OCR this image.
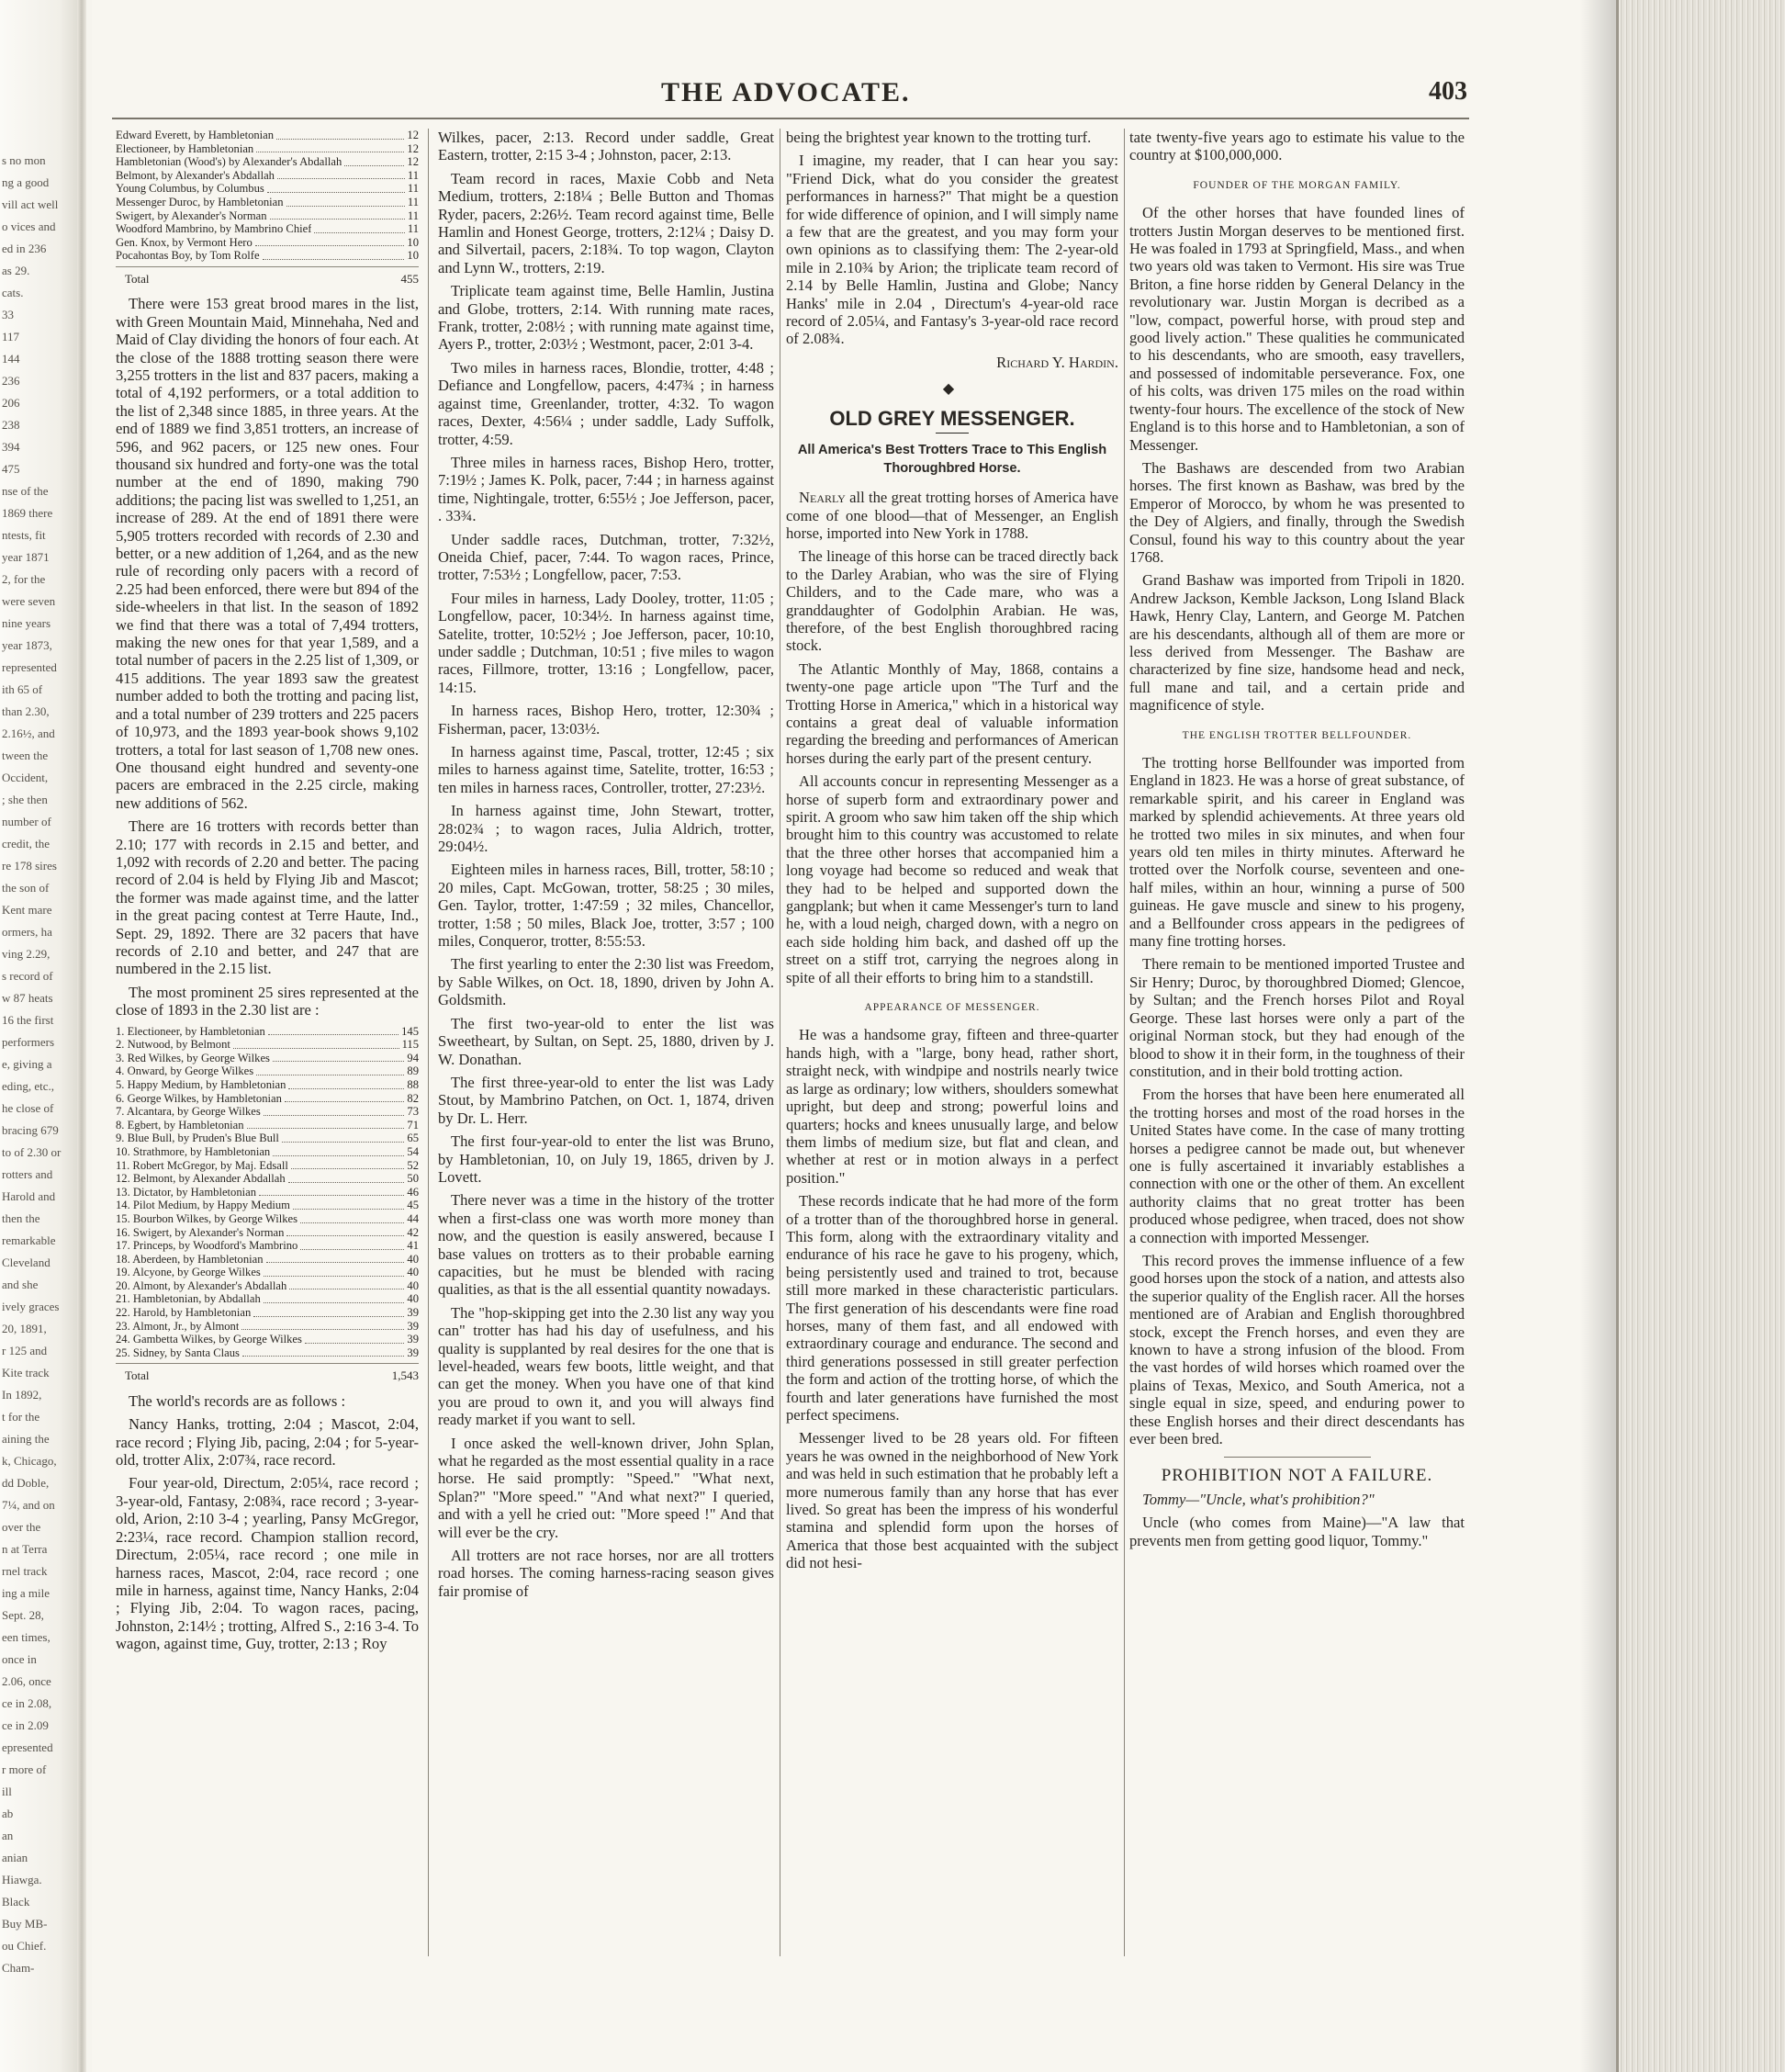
s no mon
ng a good
vill act well
o vices and
ed in 236
as 29.
cats.
33
117
144
236
206
238
394
475
nse of the
1869 there
ntests, fit
year 1871
2, for the
were seven
nine years
year 1873,
represented
ith 65 of
than 2.30,
2.16½, and
tween the
Occident,
; she then
number of
credit, the
re 178 sires
the son of
Kent mare
ormers, ha
ving 2.29,
s record of
w 87 heats
16 the first
performers
e, giving a
eding, etc.,
he close of
bracing 679
to of 2.30 or
rotters and
Harold and
then the
remarkable
Cleveland
and she
ively graces
20, 1891,
r 125 and
Kite track
In 1892,
t for the
aining the
k, Chicago,
dd Doble,
7¼, and on
over the
n at Terra
rnel track
ing a mile
Sept. 28,
een times,
once in
2.06, once
ce in 2.08,
ce in 2.09
epresented
r more of
ill
ab
an
anian
Hiawga.
Black
Buy MB-
ou Chief.
Cham-
THE ADVOCATE.	403
Edward Everett, by Hambletonian	12
Electioneer, by Hambletonian	12
Hambletonian (Wood's) by Alexander's Abdallah	12
Belmont, by Alexander's Abdallah	11
Young Columbus, by Columbus	11
Messenger Duroc, by Hambletonian	11
Swigert, by Alexander's Norman	11
Woodford Mambrino, by Mambrino Chief	11
Gen. Knox, by Vermont Hero	10
Pocahontas Boy, by Tom Rolfe	10
Total	455

There were 153 great brood mares in the list, with Green Mountain Maid, Minnehaha, Ned and Maid of Clay dividing the honors of four each. At the close of the 1888 trotting season there were 3,255 trotters in the list and 837 pacers, making a total of 4,192 performers, or a total addition to the list of 2,348 since 1885, in three years. At the end of 1889 we find 3,851 trotters, an increase of 596, and 962 pacers, or 125 new ones. Four thousand six hundred and forty-one was the total number at the end of 1890, making 790 additions; the pacing list was swelled to 1,251, an increase of 289. At the end of 1891 there were 5,905 trotters recorded with records of 2.30 and better, or a new addition of 1,264, and as the new rule of recording only pacers with a record of 2.25 had been enforced, there were but 894 of the side-wheelers in that list. In the season of 1892 we find that there was a total of 7,494 trotters, making the new ones for that year 1,589, and a total number of pacers in the 2.25 list of 1,309, or 415 additions. The year 1893 saw the greatest number added to both the trotting and pacing list, and a total number of 239 trotters and 225 pacers of 10,973, and the 1893 year-book shows 9,102 trotters, a total for last season of 1,708 new ones. One thousand eight hundred and seventy-one pacers are embraced in the 2.25 circle, making new additions of 562.

There are 16 trotters with records better than 2.10; 177 with records in 2.15 and better, and 1,092 with records of 2.20 and better. The pacing record of 2.04 is held by Flying Jib and Mascot; the former was made against time, and the latter in the great pacing contest at Terre Haute, Ind., Sept. 29, 1892. There are 32 pacers that have records of 2.10 and better, and 247 that are numbered in the 2.15 list.

The most prominent 25 sires represented at the close of 1893 in the 2.30 list are :

1. Electioneer, by Hambletonian	145
2. Nutwood, by Belmont	115
3. Red Wilkes, by George Wilkes	94
4. Onward, by George Wilkes	89
5. Happy Medium, by Hambletonian	88
6. George Wilkes, by Hambletonian	82
7. Alcantara, by George Wilkes	73
8. Egbert, by Hambletonian	71
9. Blue Bull, by Pruden's Blue Bull	65
10. Strathmore, by Hambletonian	54
11. Robert McGregor, by Maj. Edsall	52
12. Belmont, by Alexander Abdallah	50
13. Dictator, by Hambletonian	46
14. Pilot Medium, by Happy Medium	45
15. Bourbon Wilkes, by George Wilkes	44
16. Swigert, by Alexander's Norman	42
17. Princeps, by Woodford's Mambrino	41
18. Aberdeen, by Hambletonian	40
19. Alcyone, by George Wilkes	40
20. Almont, by Alexander's Abdallah	40
21. Hambletonian, by Abdallah	40
22. Harold, by Hambletonian	39
23. Almont, Jr., by Almont	39
24. Gambetta Wilkes, by George Wilkes	39
25. Sidney, by Santa Claus	39
Total	1,543

The world's records are as follows :

Nancy Hanks, trotting, 2:04 ; Mascot, 2:04, race record ; Flying Jib, pacing, 2:04 ; for 5-year-old, trotter Alix, 2:07¾, race record.

Four year-old, Directum, 2:05¼, race record ; 3-year-old, Fantasy, 2:08¾, race record ; 3-year-old, Arion, 2:10 3-4 ; yearling, Pansy McGregor, 2:23¼, race record. Champion stallion record, Directum, 2:05¼, race record ; one mile in harness races, Mascot, 2:04, race record ; one mile in harness, against time, Nancy Hanks, 2:04 ; Flying Jib, 2:04. To wagon races, pacing, Johnston, 2:14½ ; trotting, Alfred S., 2:16 3-4. To wagon, against time, Guy, trotter, 2:13 ; Roy

Wilkes, pacer, 2:13. Record under saddle, Great Eastern, trotter, 2:15 3-4 ; Johnston, pacer, 2:13.

Team record in races, Maxie Cobb and Neta Medium, trotters, 2:18¼ ; Belle Button and Thomas Ryder, pacers, 2:26½. Team record against time, Belle Hamlin and Honest George, trotters, 2:12¼ ; Daisy D. and Silvertail, pacers, 2:18¾. To top wagon, Clayton and Lynn W., trotters, 2:19.

Triplicate team against time, Belle Hamlin, Justina and Globe, trotters, 2:14. With running mate races, Frank, trotter, 2:08½ ; with running mate against time, Ayers P., trotter, 2:03½ ; Westmont, pacer, 2:01 3-4.

Two miles in harness races, Blondie, trotter, 4:48 ; Defiance and Longfellow, pacers, 4:47¾ ; in harness against time, Greenlander, trotter, 4:32. To wagon races, Dexter, 4:56¼ ; under saddle, Lady Suffolk, trotter, 4:59.

Three miles in harness races, Bishop Hero, trotter, 7:19½ ; James K. Polk, pacer, 7:44 ; in harness against time, Nightingale, trotter, 6:55½ ; Joe Jefferson, pacer, . 33¾.

Under saddle races, Dutchman, trotter, 7:32½, Oneida Chief, pacer, 7:44. To wagon races, Prince, trotter, 7:53½ ; Longfellow, pacer, 7:53.

Four miles in harness, Lady Dooley, trotter, 11:05 ; Longfellow, pacer, 10:34½. In harness against time, Satelite, trotter, 10:52½ ; Joe Jefferson, pacer, 10:10, under saddle ; Dutchman, 10:51 ; five miles to wagon races, Fillmore, trotter, 13:16 ; Longfellow, pacer, 14:15.

In harness races, Bishop Hero, trotter, 12:30¾ ; Fisherman, pacer, 13:03½.

In harness against time, Pascal, trotter, 12:45 ; six miles to harness against time, Satelite, trotter, 16:53 ; ten miles in harness races, Controller, trotter, 27:23½.

In harness against time, John Stewart, trotter, 28:02¾ ; to wagon races, Julia Aldrich, trotter, 29:04½.

Eighteen miles in harness races, Bill, trotter, 58:10 ; 20 miles, Capt. McGowan, trotter, 58:25 ; 30 miles, Gen. Taylor, trotter, 1:47:59 ; 32 miles, Chancellor, trotter, 1:58 ; 50 miles, Black Joe, trotter, 3:57 ; 100 miles, Conqueror, trotter, 8:55:53.

The first yearling to enter the 2:30 list was Freedom, by Sable Wilkes, on Oct. 18, 1890, driven by John A. Goldsmith.

The first two-year-old to enter the list was Sweetheart, by Sultan, on Sept. 25, 1880, driven by J. W. Donathan.

The first three-year-old to enter the list was Lady Stout, by Mambrino Patchen, on Oct. 1, 1874, driven by Dr. L. Herr.

The first four-year-old to enter the list was Bruno, by Hambletonian, 10, on July 19, 1865, driven by J. Lovett.

There never was a time in the history of the trotter when a first-class one was worth more money than now, and the question is easily answered, because I base values on trotters as to their probable earning capacities, but he must be blended with racing qualities, as that is the all essential quantity nowadays.

The "hop-skipping get into the 2.30 list any way you can" trotter has had his day of usefulness, and his quality is supplanted by real desires for the one that is level-headed, wears few boots, little weight, and that can get the money. When you have one of that kind you are proud to own it, and you will always find ready market if you want to sell.

I once asked the well-known driver, John Splan, what he regarded as the most essential quality in a race horse. He said promptly: "Speed." "What next, Splan?" "More speed." "And what next?" I queried, and with a yell he cried out: "More speed !" And that will ever be the cry.

All trotters are not race horses, nor are all trotters road horses. The coming harness-racing season gives fair promise of

being the brightest year known to the trotting turf.

I imagine, my reader, that I can hear you say: "Friend Dick, what do you consider the greatest performances in harness?" That might be a question for wide difference of opinion, and I will simply name a few that are the greatest, and you may form your own opinions as to classifying them: The 2-year-old mile in 2.10¾ by Arion; the triplicate team record of 2.14 by Belle Hamlin, Justina and Globe; Nancy Hanks' mile in 2.04 , Directum's 4-year-old race record of 2.05¼, and Fantasy's 3-year-old race record of 2.08¾.

Richard Y. Hardin.
◆
OLD GREY MESSENGER.
All America's Best Trotters Trace to This English Thoroughbred Horse.

Nearly all the great trotting horses of America have come of one blood—that of Messenger, an English horse, imported into New York in 1788.

The lineage of this horse can be traced directly back to the Darley Arabian, who was the sire of Flying Childers, and to the Cade mare, who was a granddaughter of Godolphin Arabian. He was, therefore, of the best English thoroughbred racing stock.

The Atlantic Monthly of May, 1868, contains a twenty-one page article upon "The Turf and the Trotting Horse in America," which in a historical way contains a great deal of valuable information regarding the breeding and performances of American horses during the early part of the present century.

All accounts concur in representing Messenger as a horse of superb form and extraordinary power and spirit. A groom who saw him taken off the ship which brought him to this country was accustomed to relate that the three other horses that accompanied him a long voyage had become so reduced and weak that they had to be helped and supported down the gangplank; but when it came Messenger's turn to land he, with a loud neigh, charged down, with a negro on each side holding him back, and dashed off up the street on a stiff trot, carrying the negroes along in spite of all their efforts to bring him to a standstill.

APPEARANCE OF MESSENGER.

He was a handsome gray, fifteen and three-quarter hands high, with a "large, bony head, rather short, straight neck, with windpipe and nostrils nearly twice as large as ordinary; low withers, shoulders somewhat upright, but deep and strong; powerful loins and quarters; hocks and knees unusually large, and below them limbs of medium size, but flat and clean, and whether at rest or in motion always in a perfect position."

These records indicate that he had more of the form of a trotter than of the thoroughbred horse in general. This form, along with the extraordinary vitality and endurance of his race he gave to his progeny, which, being persistently used and trained to trot, because still more marked in these characteristic particulars. The first generation of his descendants were fine road horses, many of them fast, and all endowed with extraordinary courage and endurance. The second and third generations possessed in still greater perfection the form and action of the trotting horse, of which the fourth and later generations have furnished the most perfect specimens.

Messenger lived to be 28 years old. For fifteen years he was owned in the neighborhood of New York and was held in such estimation that he probably left a more numerous family than any horse that has ever lived. So great has been the impress of his wonderful stamina and splendid form upon the horses of America that those best acquainted with the subject did not hesi-

tate twenty-five years ago to estimate his value to the country at $100,000,000.

FOUNDER OF THE MORGAN FAMILY.

Of the other horses that have founded lines of trotters Justin Morgan deserves to be mentioned first. He was foaled in 1793 at Springfield, Mass., and when two years old was taken to Vermont. His sire was True Briton, a fine horse ridden by General Delancy in the revolutionary war. Justin Morgan is decribed as a "low, compact, powerful horse, with proud step and good lively action." These qualities he communicated to his descendants, who are smooth, easy travellers, and possessed of indomitable perseverance. Fox, one of his colts, was driven 175 miles on the road within twenty-four hours. The excellence of the stock of New England is to this horse and to Hambletonian, a son of Messenger.

The Bashaws are descended from two Arabian horses. The first known as Bashaw, was bred by the Emperor of Morocco, by whom he was presented to the Dey of Algiers, and finally, through the Swedish Consul, found his way to this country about the year 1768.

Grand Bashaw was imported from Tripoli in 1820. Andrew Jackson, Kemble Jackson, Long Island Black Hawk, Henry Clay, Lantern, and George M. Patchen are his descendants, although all of them are more or less derived from Messenger. The Bashaw are characterized by fine size, handsome head and neck, full mane and tail, and a certain pride and magnificence of style.

THE ENGLISH TROTTER BELLFOUNDER.

The trotting horse Bellfounder was imported from England in 1823. He was a horse of great substance, of remarkable spirit, and his career in England was marked by splendid achievements. At three years old he trotted two miles in six minutes, and when four years old ten miles in thirty minutes. Afterward he trotted over the Norfolk course, seventeen and one-half miles, within an hour, winning a purse of 500 guineas. He gave muscle and sinew to his progeny, and a Bellfounder cross appears in the pedigrees of many fine trotting horses.

There remain to be mentioned imported Trustee and Sir Henry; Duroc, by thoroughbred Diomed; Glencoe, by Sultan; and the French horses Pilot and Royal George. These last horses were only a part of the original Norman stock, but they had enough of the blood to show it in their form, in the toughness of their constitution, and in their bold trotting action.

From the horses that have been here enumerated all the trotting horses and most of the road horses in the United States have come. In the case of many trotting horses a pedigree cannot be made out, but whenever one is fully ascertained it invariably establishes a connection with one or the other of them. An excellent authority claims that no great trotter has been produced whose pedigree, when traced, does not show a connection with imported Messenger.

This record proves the immense influence of a few good horses upon the stock of a nation, and attests also the superior quality of the English racer. All the horses mentioned are of Arabian and English thoroughbred stock, except the French horses, and even they are known to have a strong infusion of the blood. From the vast hordes of wild horses which roamed over the plains of Texas, Mexico, and South America, not a single equal in size, speed, and enduring power to these English horses and their direct descendants has ever been bred.

PROHIBITION NOT A FAILURE.

Tommy—"Uncle, what's prohibition?"

Uncle (who comes from Maine)—"A law that prevents men from getting good liquor, Tommy."
